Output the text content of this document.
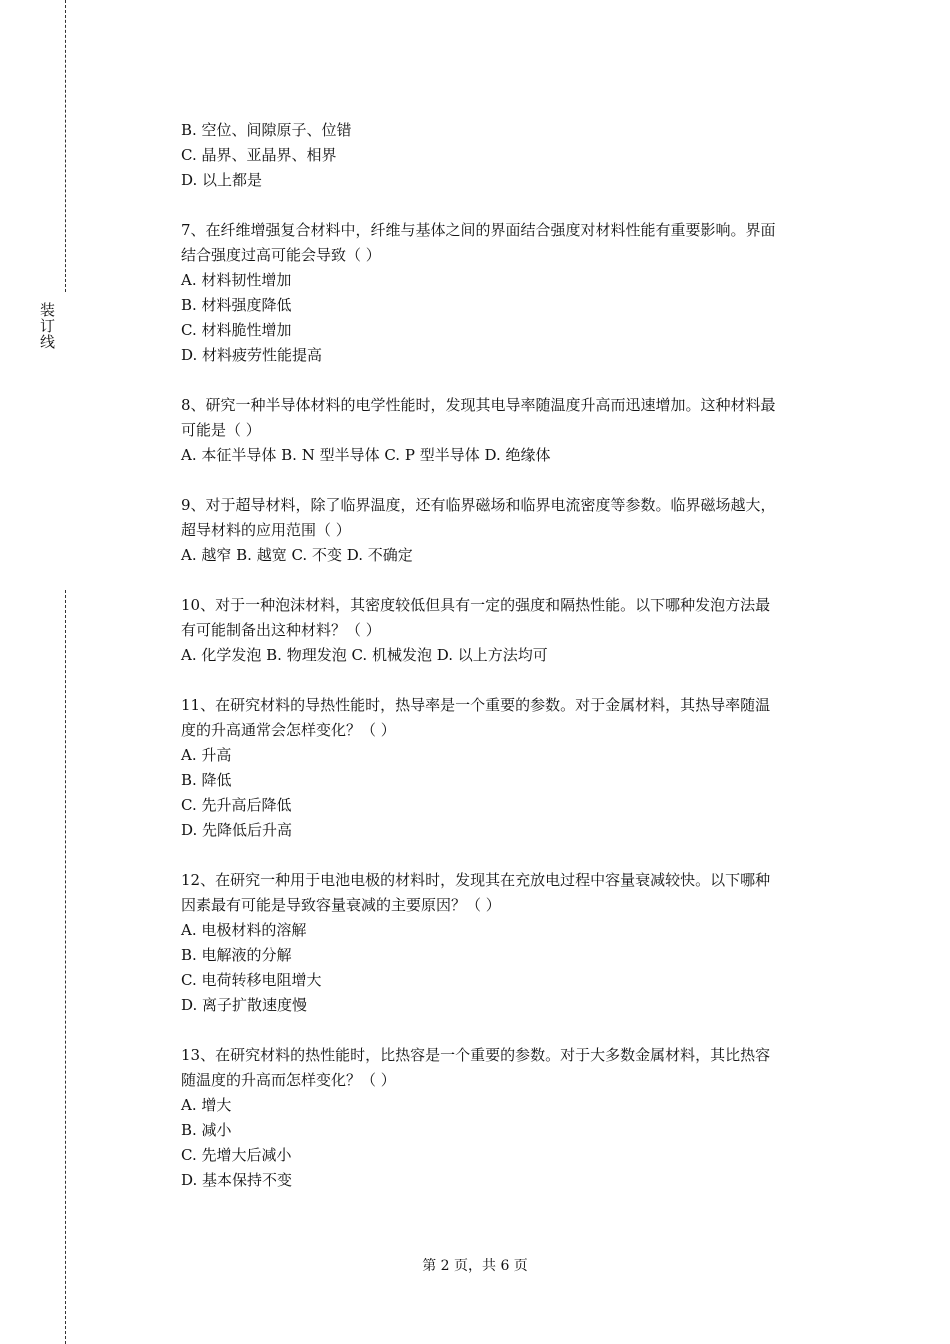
装订线
B. 空位、间隙原子、位错
C. 晶界、亚晶界、相界
D. 以上都是
7、在纤维增强复合材料中，纤维与基体之间的界面结合强度对材料性能有重要影响。界面
结合强度过高可能会导致（ ）
A. 材料韧性增加
B. 材料强度降低
C. 材料脆性增加
D. 材料疲劳性能提高
8、研究一种半导体材料的电学性能时，发现其电导率随温度升高而迅速增加。这种材料最
可能是（ ）
A. 本征半导体 B. N 型半导体 C. P 型半导体 D. 绝缘体
9、对于超导材料，除了临界温度，还有临界磁场和临界电流密度等参数。临界磁场越大，
超导材料的应用范围（ ）
A. 越窄 B. 越宽 C. 不变 D. 不确定
10、对于一种泡沫材料，其密度较低但具有一定的强度和隔热性能。以下哪种发泡方法最
有可能制备出这种材料？（ ）
A. 化学发泡 B. 物理发泡 C. 机械发泡 D. 以上方法均可
11、在研究材料的导热性能时，热导率是一个重要的参数。对于金属材料，其热导率随温
度的升高通常会怎样变化？（ ）
A. 升高
B. 降低
C. 先升高后降低
D. 先降低后升高
12、在研究一种用于电池电极的材料时，发现其在充放电过程中容量衰减较快。以下哪种
因素最有可能是导致容量衰减的主要原因？（ ）
A. 电极材料的溶解
B. 电解液的分解
C. 电荷转移电阻增大
D. 离子扩散速度慢
13、在研究材料的热性能时，比热容是一个重要的参数。对于大多数金属材料，其比热容
随温度的升高而怎样变化？（ ）
A. 增大
B. 减小
C. 先增大后减小
D. 基本保持不变
第 2 页，共 6 页
